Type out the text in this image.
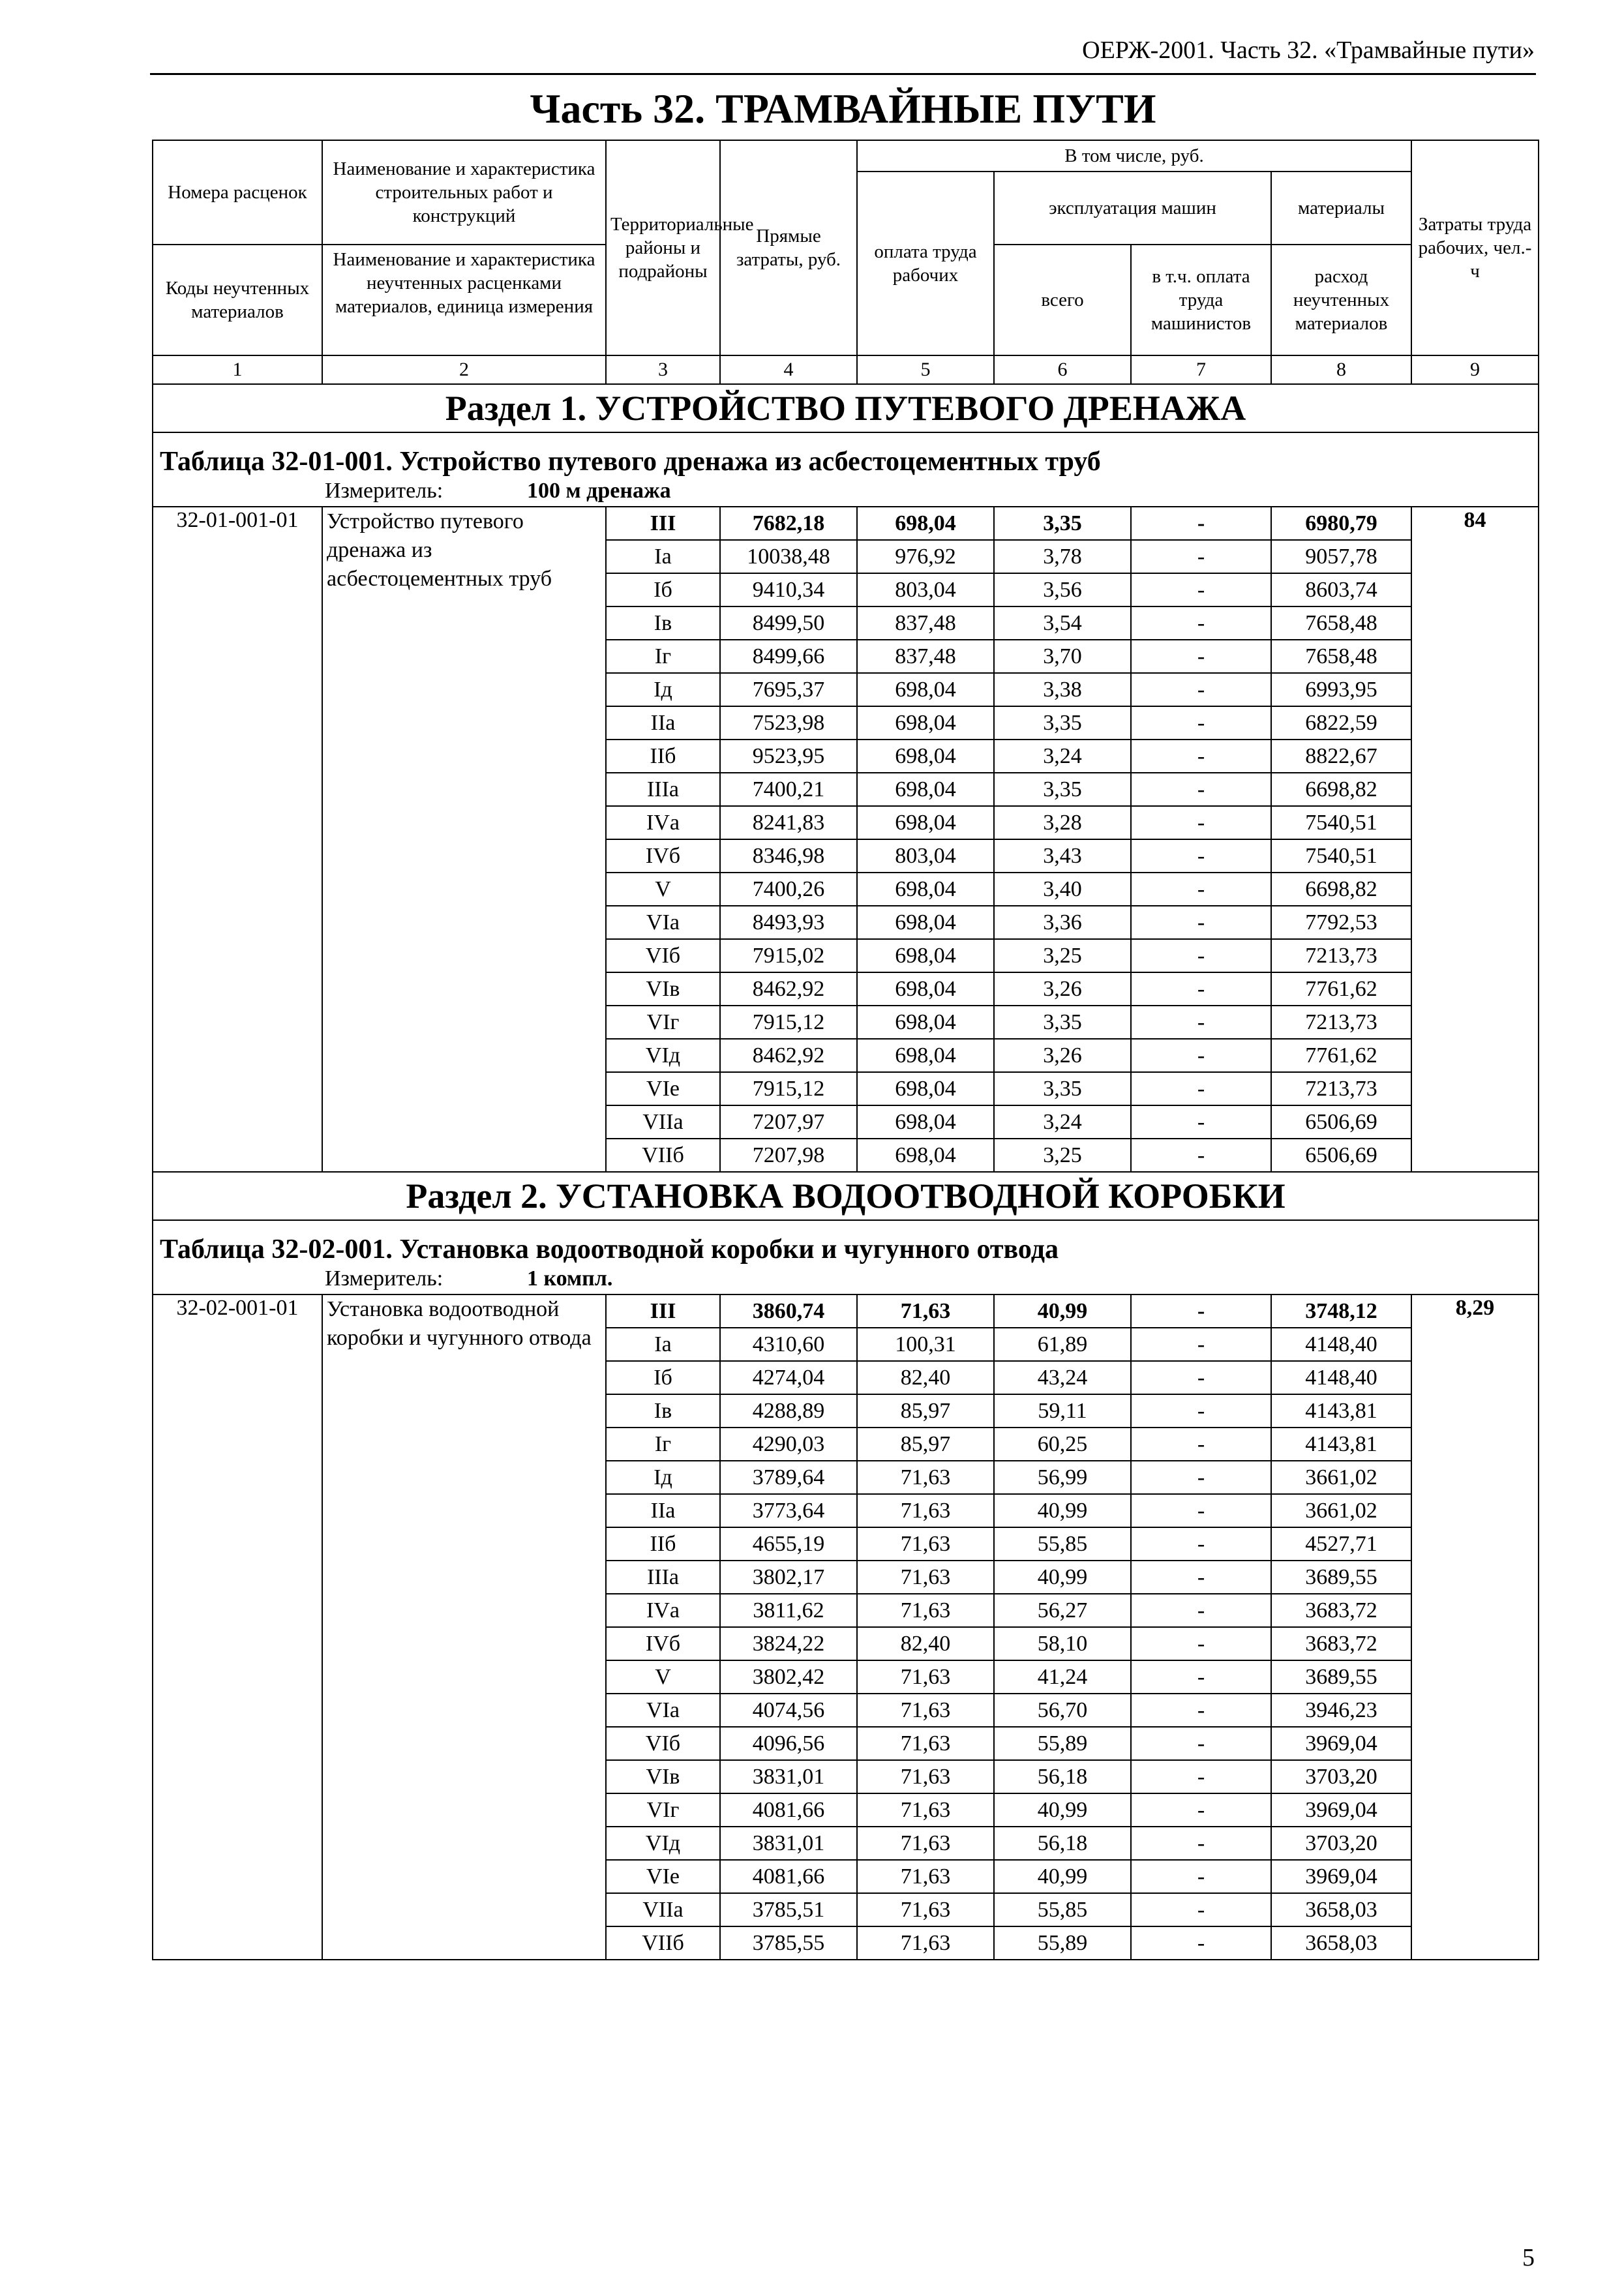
ОЕРЖ-2001. Часть 32. «Трамвайные пути»
Часть 32. ТРАМВАЙНЫЕ ПУТИ
Номера расценок	Наименование и характеристика строительных работ и конструкций	Территориальные районы и подрайоны	Прямые затраты, руб.	В том числе, руб.				Затраты труда рабочих, чел.-ч
				оплата труда рабочих	эксплуатация машин		материалы	
Коды неучтенных материалов	Наименование и характеристика неучтенных расценками материалов, единица измерения				всего	в т.ч. оплата труда машинистов	расход неучтенных материалов	

1	2	3	4	5	6	7	8	9
Раздел 1. УСТРОЙСТВО ПУТЕВОГО ДРЕНАЖА								
Таблица 32-01-001. Устройство путевого дренажа из асбестоцементных труб								
Измеритель: 100 м дренажа								
32-01-001-01	Устройство путевого дренажа из асбестоцементных труб	III	7682,18	698,04	3,35	-	6980,79	84
		Iа	10038,48	976,92	3,78	-	9057,78	
		Iб	9410,34	803,04	3,56	-	8603,74	
		Iв	8499,50	837,48	3,54	-	7658,48	
		Iг	8499,66	837,48	3,70	-	7658,48	
		Iд	7695,37	698,04	3,38	-	6993,95	
		IIа	7523,98	698,04	3,35	-	6822,59	
		IIб	9523,95	698,04	3,24	-	8822,67	
		IIIа	7400,21	698,04	3,35	-	6698,82	
		IVа	8241,83	698,04	3,28	-	7540,51	
		IVб	8346,98	803,04	3,43	-	7540,51	
		V	7400,26	698,04	3,40	-	6698,82	
		VIа	8493,93	698,04	3,36	-	7792,53	
		VIб	7915,02	698,04	3,25	-	7213,73	
		VIв	8462,92	698,04	3,26	-	7761,62	
		VIг	7915,12	698,04	3,35	-	7213,73	
		VIд	8462,92	698,04	3,26	-	7761,62	
		VIе	7915,12	698,04	3,35	-	7213,73	
		VIIа	7207,97	698,04	3,24	-	6506,69	
		VIIб	7207,98	698,04	3,25	-	6506,69	
Раздел 2. УСТАНОВКА ВОДООТВОДНОЙ КОРОБКИ								
Таблица 32-02-001. Установка водоотводной коробки и чугунного отвода								
Измеритель: 1 компл.								
32-02-001-01	Установка водоотводной коробки и чугунного отвода	III	3860,74	71,63	40,99	-	3748,12	8,29
		Iа	4310,60	100,31	61,89	-	4148,40	
		Iб	4274,04	82,40	43,24	-	4148,40	
		Iв	4288,89	85,97	59,11	-	4143,81	
		Iг	4290,03	85,97	60,25	-	4143,81	
		Iд	3789,64	71,63	56,99	-	3661,02	
		IIа	3773,64	71,63	40,99	-	3661,02	
		IIб	4655,19	71,63	55,85	-	4527,71	
		IIIа	3802,17	71,63	40,99	-	3689,55	
		IVа	3811,62	71,63	56,27	-	3683,72	
		IVб	3824,22	82,40	58,10	-	3683,72	
		V	3802,42	71,63	41,24	-	3689,55	
		VIа	4074,56	71,63	56,70	-	3946,23	
		VIб	4096,56	71,63	55,89	-	3969,04	
		VIв	3831,01	71,63	56,18	-	3703,20	
		VIг	4081,66	71,63	40,99	-	3969,04	
		VIд	3831,01	71,63	56,18	-	3703,20	
		VIе	4081,66	71,63	40,99	-	3969,04	
		VIIа	3785,51	71,63	55,85	-	3658,03	
		VIIб	3785,55	71,63	55,89	-	3658,03	
5
